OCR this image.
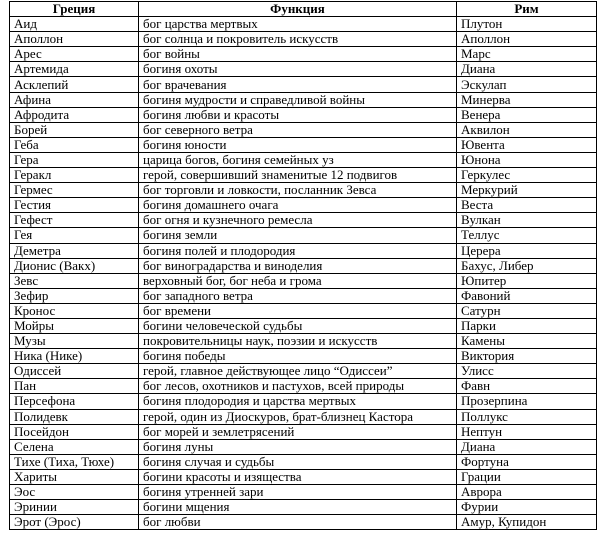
Греция	Функция	Рим
Аид	бог царства мертвых	Плутон
Аполлон	бог солнца и покровитель искусств	Аполлон
Арес	бог войны	Марс
Артемида	богиня охоты	Диана
Асклепий	бог врачевания	Эскулап
Афина	богиня мудрости и справедливой войны	Минерва
Афродита	богиня любви и красоты	Венера
Борей	бог северного ветра	Аквилон
Геба	богиня юности	Ювента
Гера	царица богов, богиня семейных уз	Юнона
Геракл	герой, совершивший знаменитые 12 подвигов	Геркулес
Гермес	бог торговли и ловкости, посланник Зевса	Меркурий
Гестия	богиня домашнего очага	Веста
Гефест	бог огня и кузнечного ремесла	Вулкан
Гея	богиня земли	Теллус
Деметра	богиня полей и плодородия	Церера
Дионис (Вакх)	бог виноградарства и виноделия	Бахус, Либер
Зевс	верховный бог, бог неба и грома	Юпитер
Зефир	бог западного ветра	Фавоний
Кронос	бог времени	Сатурн
Мойры	богини человеческой судьбы	Парки
Музы	покровительницы наук, поэзии и искусств	Камены
Ника (Нике)	богиня победы	Виктория
Одиссей	герой, главное действующее лицо “Одиссеи”	Улисс
Пан	бог лесов, охотников и пастухов, всей природы	Фавн
Персефона	богиня плодородия и царства мертвых	Прозерпина
Полидевк	герой, один из Диоскуров, брат-близнец Кастора	Поллукс
Посейдон	бог морей и землетрясений	Нептун
Селена	богиня луны	Диана
Тихе (Тиха, Тюхе)	богиня случая и судьбы	Фортуна
Хариты	богини красоты и изящества	Грации
Эос	богиня утренней зари	Аврора
Эринии	богини мщения	Фурии
Эрот (Эрос)	бог любви	Амур, Купидон
